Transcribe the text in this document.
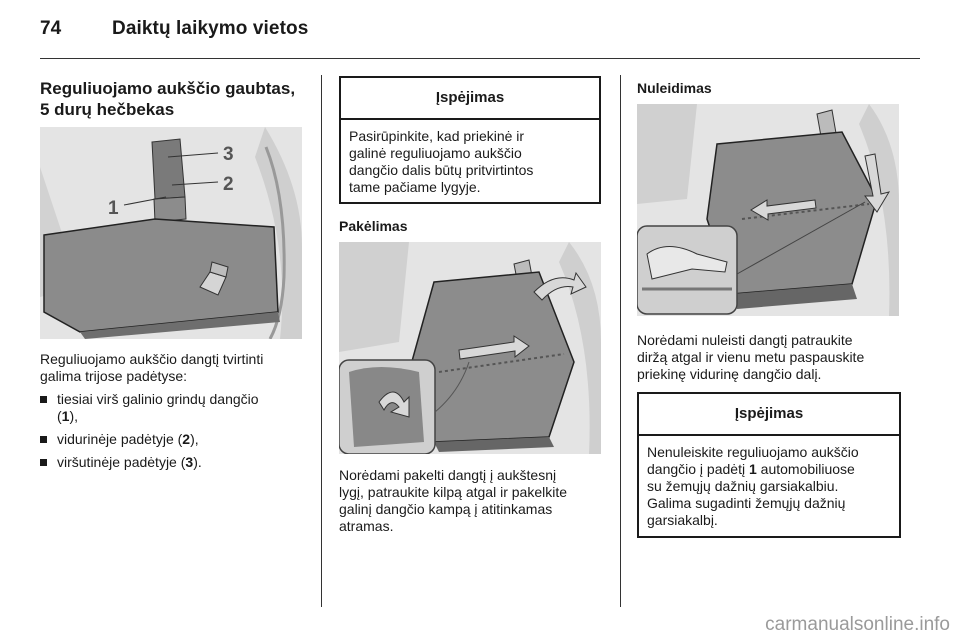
74	Daiktų laikymo vietos
Reguliuojamo aukščio gaubtas,
5 durų hečbekas
1
2
3
Reguliuojamo aukščio dangtį tvirtinti
galima trijose padėtyse:
tiesiai virš galinio grindų dangčio
(1),
vidurinėje padėtyje (2),
viršutinėje padėtyje (3).
Įspėjimas
Pasirūpinkite, kad priekinė ir
galinė reguliuojamo aukščio
dangčio dalis būtų pritvirtintos
tame pačiame lygyje.
Pakėlimas
Norėdami pakelti dangtį į aukštesnį
lygį, patraukite kilpą atgal ir pakelkite
galinį dangčio kampą į atitinkamas
atramas.
Nuleidimas
Norėdami nuleisti dangtį patraukite
diržą atgal ir vienu metu paspauskite
priekinę vidurinę dangčio dalį.
Įspėjimas
Nenuleiskite reguliuojamo aukščio
dangčio į padėtį 1 automobiliuose
su žemųjų dažnių garsiakalbiu.
Galima sugadinti žemųjų dažnių
garsiakalbį.
carmanualsonline.info
